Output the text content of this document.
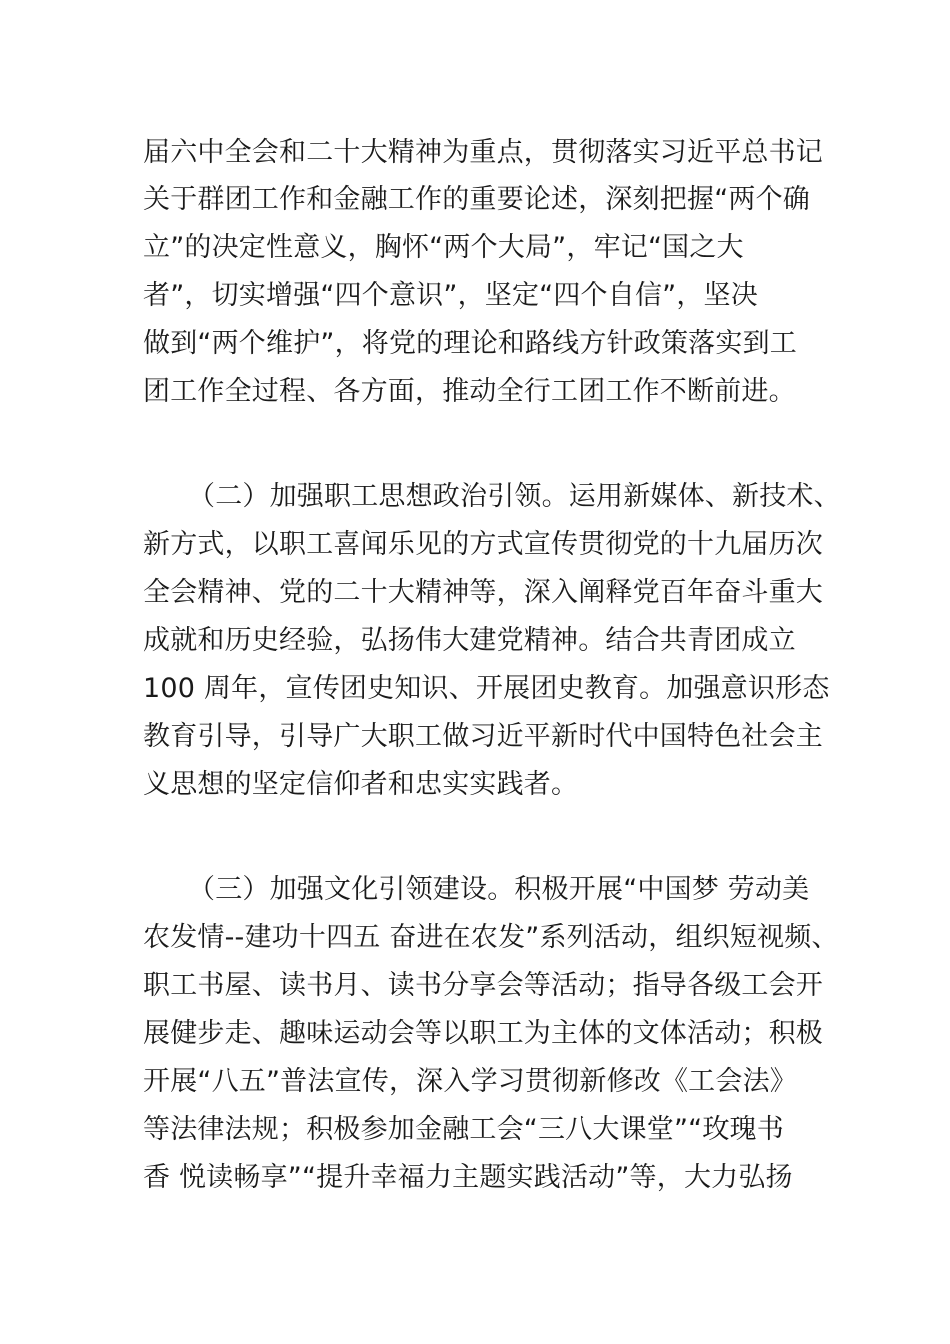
届六中全会和二十大精神为重点，贯彻落实习近平总书记
关于群团工作和金融工作的重要论述，深刻把握“两个确
立”的决定性意义，胸怀“两个大局”，牢记“国之大
者”，切实增强“四个意识”，坚定“四个自信”，坚决
做到“两个维护”，将党的理论和路线方针政策落实到工
团工作全过程、各方面，推动全行工团工作不断前进。
（二）加强职工思想政治引领。运用新媒体、新技术、
新方式，以职工喜闻乐见的方式宣传贯彻党的十九届历次
全会精神、党的二十大精神等，深入阐释党百年奋斗重大
成就和历史经验，弘扬伟大建党精神。结合共青团成立
100 周年，宣传团史知识、开展团史教育。加强意识形态
教育引导，引导广大职工做习近平新时代中国特色社会主
义思想的坚定信仰者和忠实实践者。
（三）加强文化引领建设。积极开展“中国梦 劳动美
农发情--建功十四五 奋进在农发”系列活动，组织短视频、
职工书屋、读书月、读书分享会等活动；指导各级工会开
展健步走、趣味运动会等以职工为主体的文体活动；积极
开展“八五”普法宣传，深入学习贯彻新修改《工会法》
等法律法规；积极参加金融工会“三八大课堂”“玫瑰书
香 悦读畅享”“提升幸福力主题实践活动”等，大力弘扬
